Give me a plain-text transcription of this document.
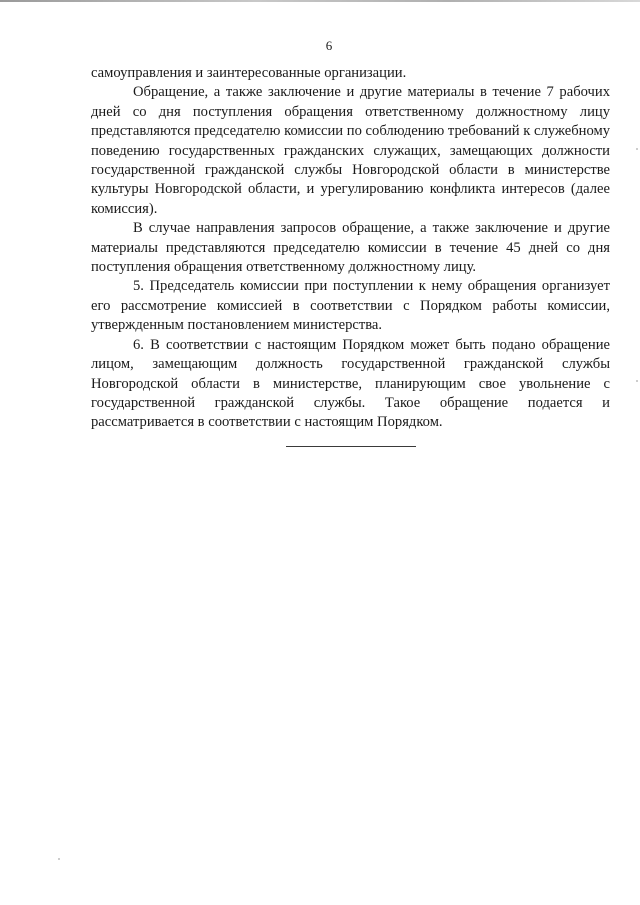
6

самоуправления и заинтересованные организации.

Обращение, а также заключение и другие материалы в течение 7 рабочих дней со дня поступления обращения ответственному должностному лицу представляются председателю комиссии по соблюдению требований к служебному поведению государственных гражданских служащих, замещающих должности государственной гражданской службы Новгородской области в министерстве культуры Новгородской области, и урегулированию конфликта интересов (далее комиссия).

В случае направления запросов обращение, а также заключение и другие материалы представляются председателю комиссии в течение 45 дней со дня поступления обращения ответственному должностному лицу.

5. Председатель комиссии при поступлении к нему обращения организует его рассмотрение комиссией в соответствии с Порядком работы комиссии, утвержденным постановлением министерства.

6. В соответствии с настоящим Порядком может быть подано обращение лицом, замещающим должность государственной гражданской службы Новгородской области в министерстве, планирующим свое увольнение с государственной гражданской службы. Такое обращение подается и рассматривается в соответствии с настоящим Порядком.
